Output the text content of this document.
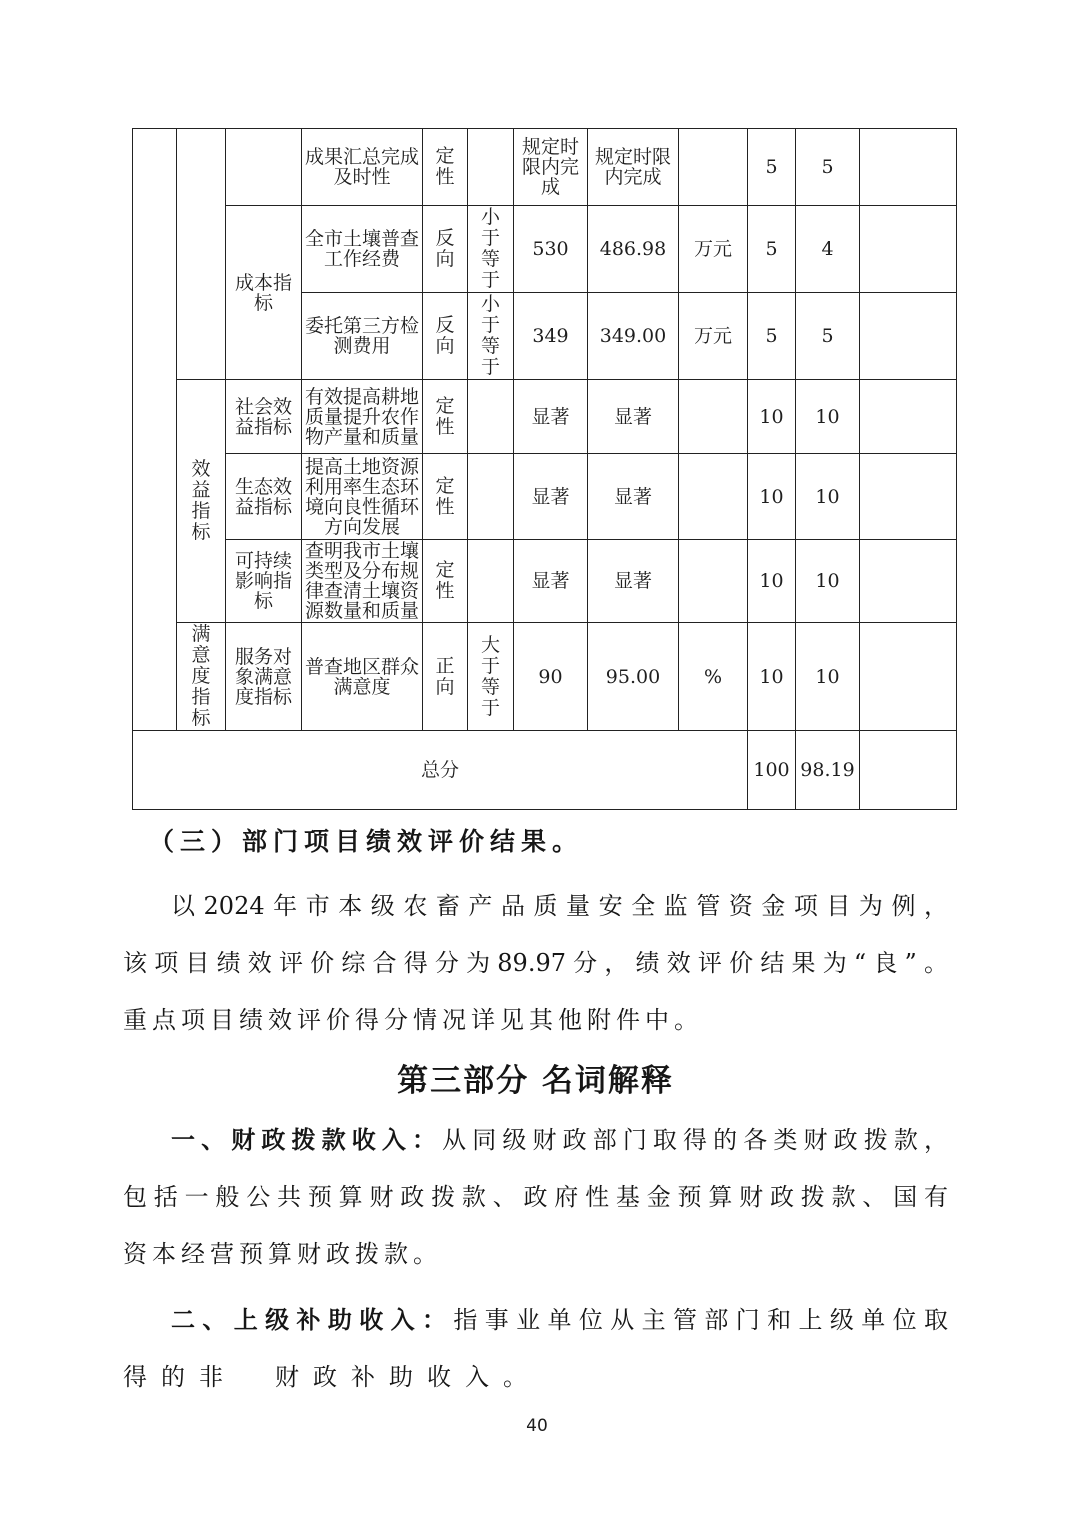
			成果汇总完成及时性	定性		规定时限内完成	规定时限内完成		5	5	
		成本指标	全市土壤普查工作经费	反向	小于等于	530	486.98	万元	5	4	
			委托第三方检测费用	反向	小于等于	349	349.00	万元	5	5	
	效益指标	社会效益指标	有效提高耕地质量提升农作物产量和质量	定性		显著	显著		10	10	
		生态效益指标	提高土地资源利用率生态环境向良性循环方向发展	定性		显著	显著		10	10	
		可持续影响指标	查明我市土壤类型及分布规律查清土壤资源数量和质量	定性		显著	显著		10	10	
	满意度指标	服务对象满意度指标	普查地区群众满意度	正向	大于等于	90	95.00	%	10	10	
总分									100	98.19	
（三）部门项目绩效评价结果。
以2024年市本级农畜产品质量安全监管资金项目为例，
该项目绩效评价综合得分为89.97分，绩效评价结果为“良”。
重点项目绩效评价得分情况详见其他附件中。
第三部分 名词解释
一、财政拨款收入：从同级财政部门取得的各类财政拨款，
包括一般公共预算财政拨款、政府性基金预算财政拨款、国有
资本经营预算财政拨款。
二、上级补助收入：指事业单位从主管部门和上级单位取
得的非　财政补助收入。
40
